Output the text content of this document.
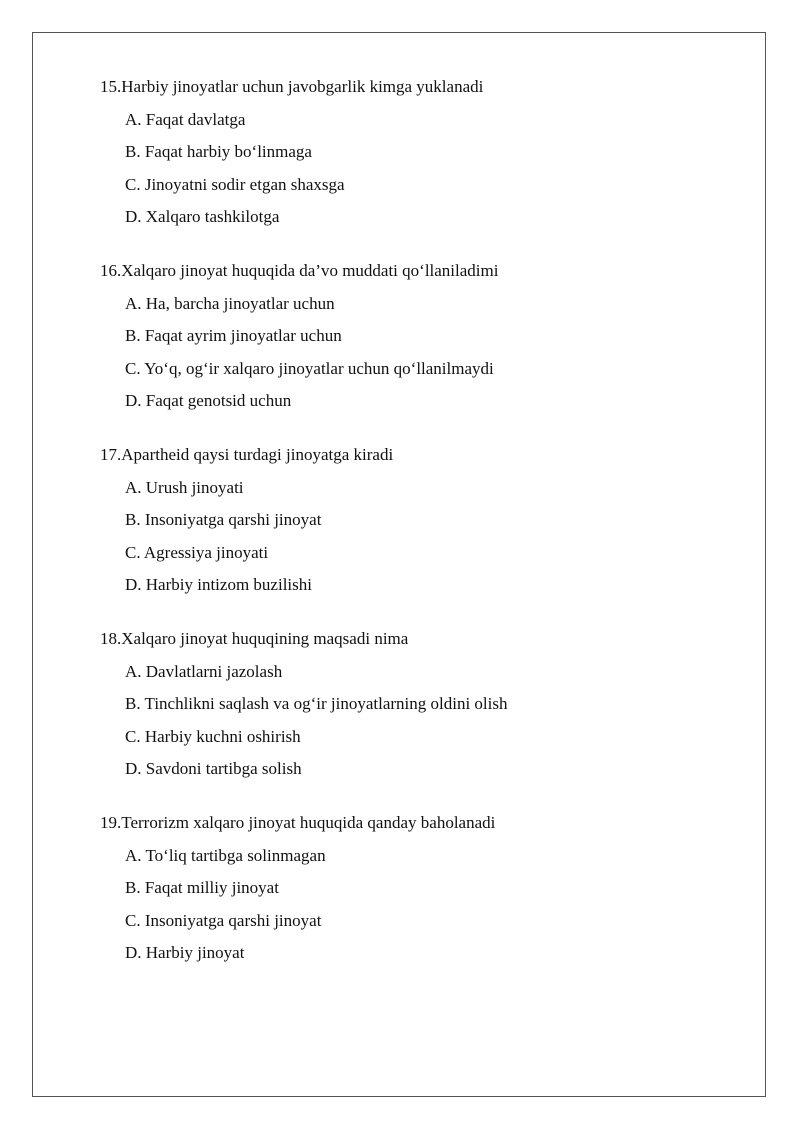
15. Harbiy jinoyatlar uchun javobgarlik kimga yuklanadi
A. Faqat davlatga
B. Faqat harbiy bo‘linmaga
C. Jinoyatni sodir etgan shaxsga
D. Xalqaro tashkilotga
16. Xalqaro jinoyat huquqida da’vo muddati qo‘llaniladimi
A. Ha, barcha jinoyatlar uchun
B. Faqat ayrim jinoyatlar uchun
C. Yo‘q, og‘ir xalqaro jinoyatlar uchun qo‘llanilmaydi
D. Faqat genotsid uchun
17. Apartheid qaysi turdagi jinoyatga kiradi
A. Urush jinoyati
B. Insoniyatga qarshi jinoyat
C. Agressiya jinoyati
D. Harbiy intizom buzilishi
18. Xalqaro jinoyat huquqining maqsadi nima
A. Davlatlarni jazolash
B. Tinchlikni saqlash va og‘ir jinoyatlarning oldini olish
C. Harbiy kuchni oshirish
D. Savdoni tartibga solish
19. Terrorizm xalqaro jinoyat huquqida qanday baholanadi
A. To‘liq tartibga solinmagan
B. Faqat milliy jinoyat
C. Insoniyatga qarshi jinoyat
D. Harbiy jinoyat
